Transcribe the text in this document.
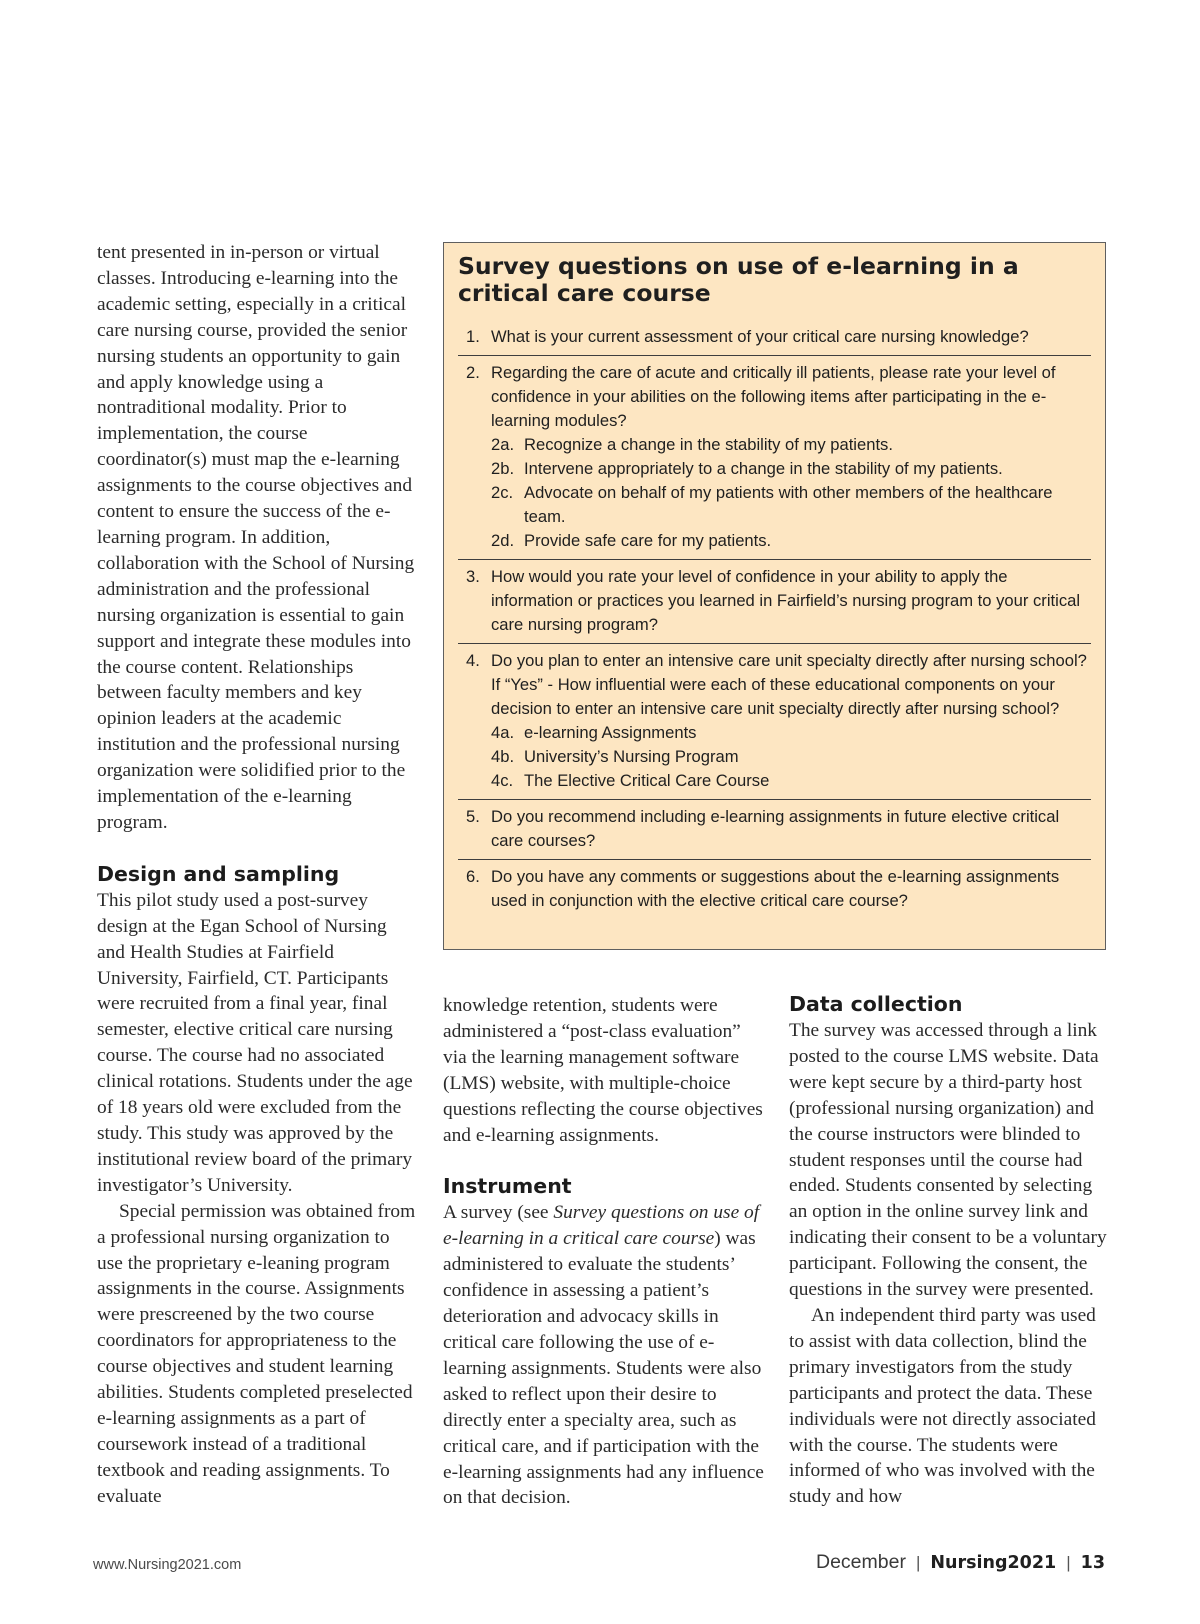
tent presented in in-person or virtual classes. Introducing e-learning into the academic setting, especially in a critical care nursing course, provided the senior nursing students an opportunity to gain and apply knowledge using a nontraditional modality. Prior to implementation, the course coordinator(s) must map the e-learning assignments to the course objectives and content to ensure the success of the e-learning program. In addition, collaboration with the School of Nursing administration and the professional nursing organization is essential to gain support and integrate these modules into the course content. Relationships between faculty members and key opinion leaders at the academic institution and the professional nursing organization were solidified prior to the implementation of the e-learning program.

Design and sampling

This pilot study used a post-survey design at the Egan School of Nursing and Health Studies at Fairfield University, Fairfield, CT. Participants were recruited from a final year, final semester, elective critical care nursing course. The course had no associated clinical rotations. Students under the age of 18 years old were excluded from the study. This study was approved by the institutional review board of the primary investigator’s University.

Special permission was obtained from a professional nursing organization to use the proprietary e-leaning program assignments in the course. Assignments were prescreened by the two course coordinators for appropriateness to the course objectives and student learning abilities. Students completed preselected e-learning assignments as a part of coursework instead of a traditional textbook and reading assignments. To evaluate

Survey questions on use of e-learning in a critical care course
1. What is your current assessment of your critical care nursing knowledge?
2. Regarding the care of acute and critically ill patients, please rate your level of confidence in your abilities on the following items after participating in the e-learning modules?
2a. Recognize a change in the stability of my patients.
2b. Intervene appropriately to a change in the stability of my patients.
2c. Advocate on behalf of my patients with other members of the healthcare team.
2d. Provide safe care for my patients.
3. How would you rate your level of confidence in your ability to apply the information or practices you learned in Fairfield’s nursing program to your critical care nursing program?
4. Do you plan to enter an intensive care unit specialty directly after nursing school?
If “Yes” - How influential were each of these educational components on your decision to enter an intensive care unit specialty directly after nursing school?
4a. e-learning Assignments
4b. University’s Nursing Program
4c. The Elective Critical Care Course
5. Do you recommend including e-learning assignments in future elective critical care courses?
6. Do you have any comments or suggestions about the e-learning assignments used in conjunction with the elective critical care course?

knowledge retention, students were administered a “post-class evaluation” via the learning management software (LMS) website, with multiple-choice questions reflecting the course objectives and e-learning assignments.

Instrument

A survey (see Survey questions on use of e-learning in a critical care course) was administered to evaluate the students’ confidence in assessing a patient’s deterioration and advocacy skills in critical care following the use of e-learning assignments. Students were also asked to reflect upon their desire to directly enter a specialty area, such as critical care, and if participation with the e-learning assignments had any influence on that decision.

Data collection

The survey was accessed through a link posted to the course LMS website. Data were kept secure by a third-party host (professional nursing organization) and the course instructors were blinded to student responses until the course had ended. Students consented by selecting an option in the online survey link and indicating their consent to be a voluntary participant. Following the consent, the questions in the survey were presented.

An independent third party was used to assist with data collection, blind the primary investigators from the study participants and protect the data. These individuals were not directly associated with the course. The students were informed of who was involved with the study and how

www.Nursing2021.com	December | Nursing2021 | 13
